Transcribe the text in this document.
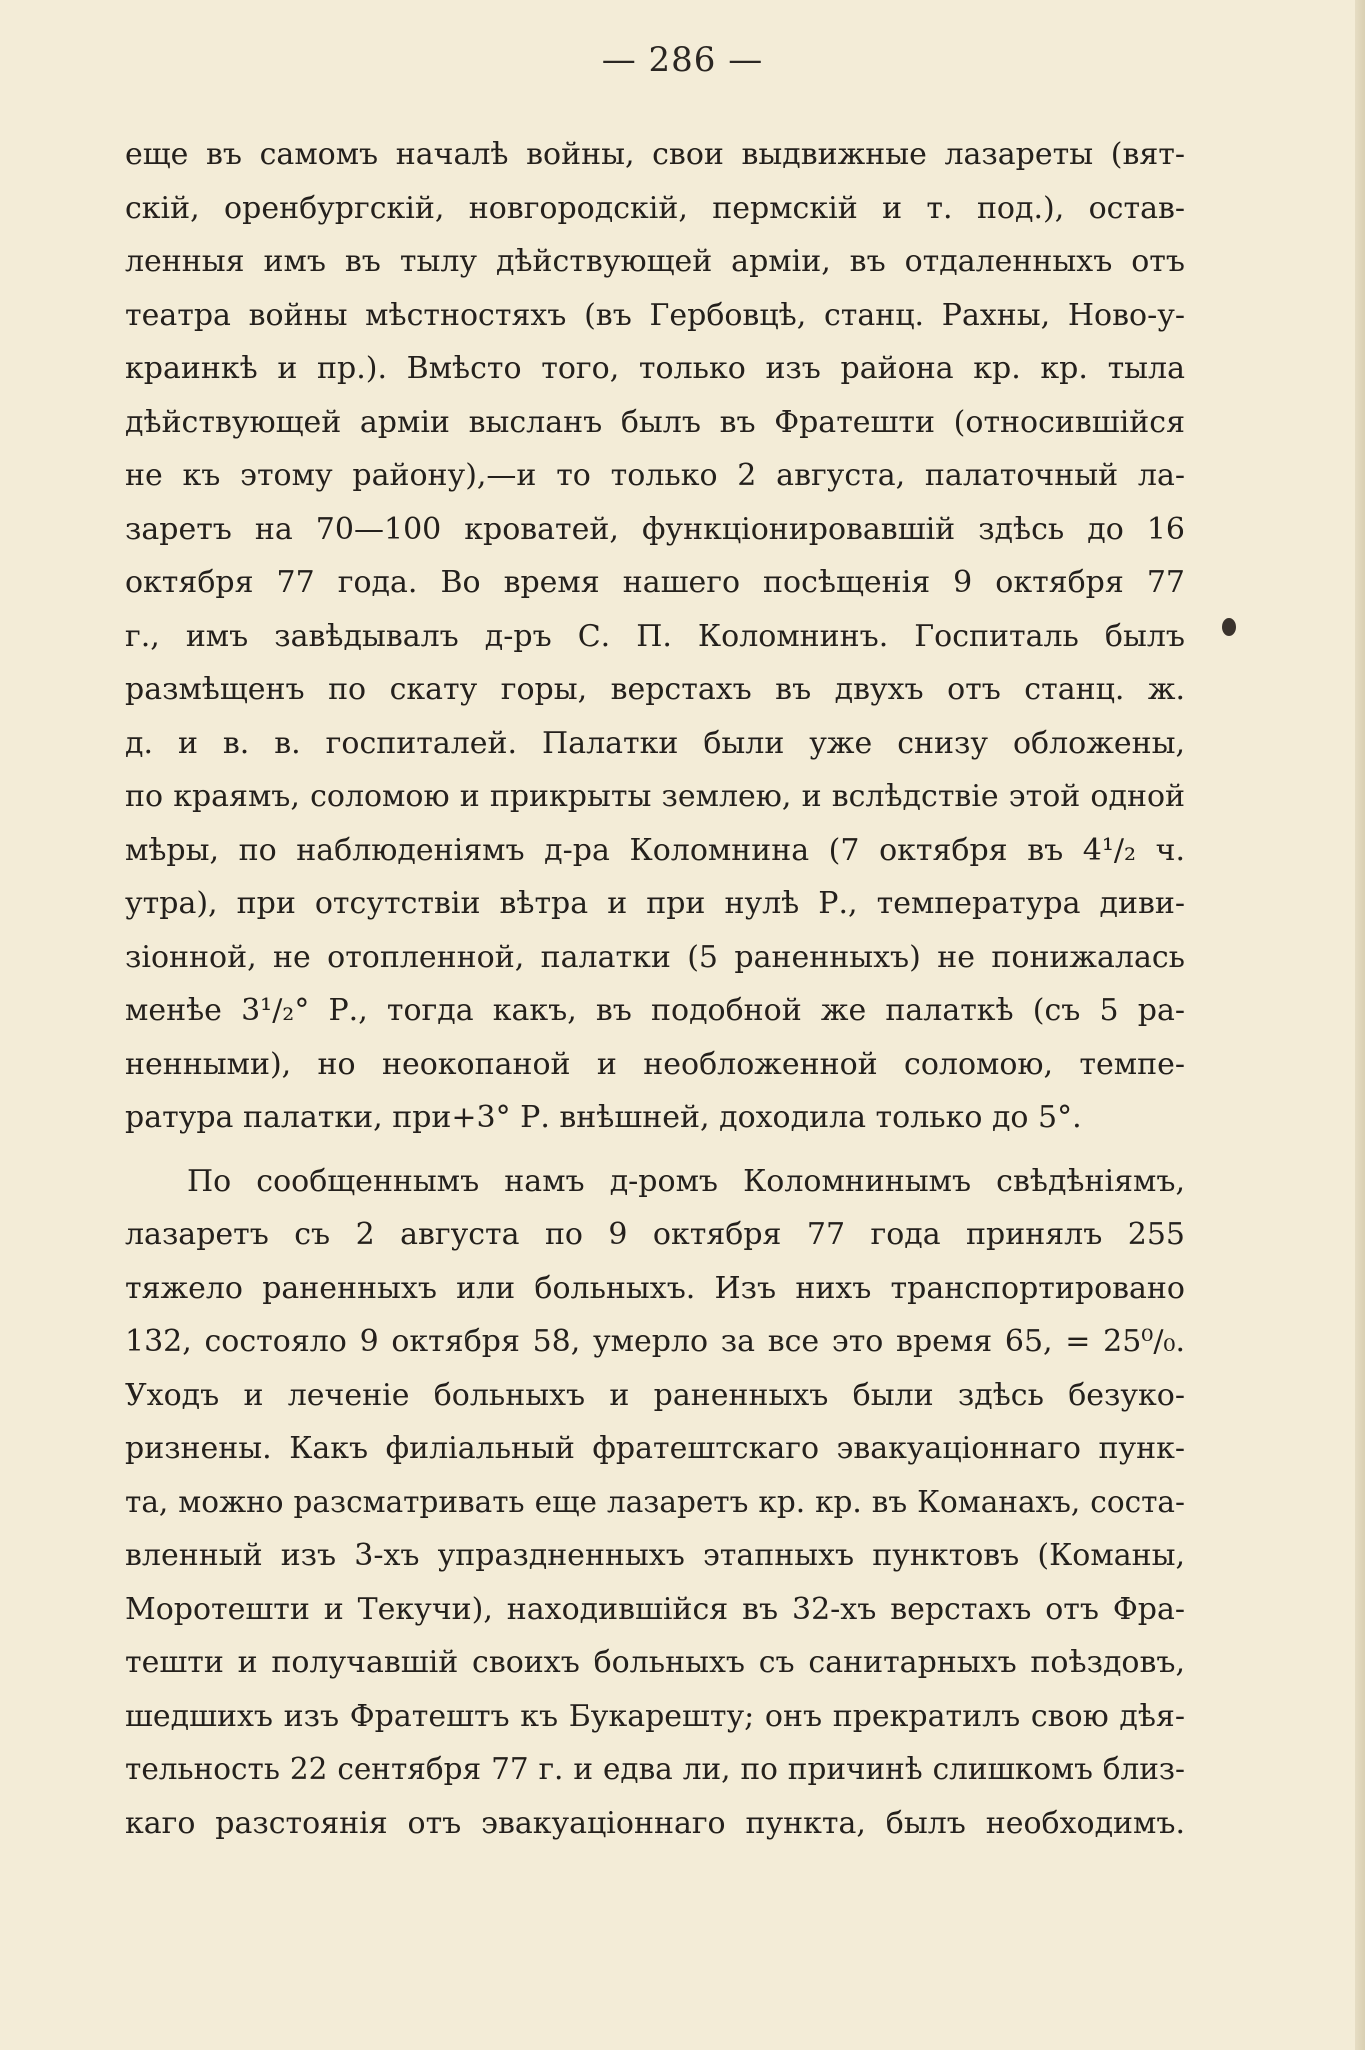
— 286 —
еще въ самомъ началѣ войны, свои выдвижные лазареты (вят-
скій, оренбургскій, новгородскій, пермскій и т. под.), остав-
ленныя имъ въ тылу дѣйствующей арміи, въ отдаленныхъ отъ
театра войны мѣстностяхъ (въ Гербовцѣ, станц. Рахны, Ново-у-
краинкѣ и пр.). Вмѣсто того, только изъ района кр. кр. тыла
дѣйствующей арміи высланъ былъ въ Фратешти (относившійся
не къ этому району),—и то только 2 августа, палаточный ла-
заретъ на 70—100 кроватей, функціонировавшій здѣсь до 16
октября 77 года. Во время нашего посѣщенія 9 октября 77
г., имъ завѣдывалъ д-ръ С. П. Коломнинъ. Госпиталь былъ
размѣщенъ по скату горы, верстахъ въ двухъ отъ станц. ж.
д. и в. в. госпиталей. Палатки были уже снизу обложены,
по краямъ, соломою и прикрыты землею, и вслѣдствіе этой одной
мѣры, по наблюденіямъ д-ра Коломнина (7 октября въ 4¹/₂ ч.
утра), при отсутствіи вѣтра и при нулѣ Р., температура диви-
зіонной, не отопленной, палатки (5 раненныхъ) не понижалась
менѣе 3¹/₂° Р., тогда какъ, въ подобной же палаткѣ (съ 5 ра-
ненными), но неокопаной и необложенной соломою, темпе-
ратура палатки, при+3° Р. внѣшней, доходила только до 5°.
По сообщеннымъ намъ д-ромъ Коломнинымъ свѣдѣніямъ,
лазаретъ съ 2 августа по 9 октября 77 года принялъ 255
тяжело раненныхъ или больныхъ. Изъ нихъ транспортировано
132, состояло 9 октября 58, умерло за все это время 65, = 25⁰/₀.
Уходъ и леченіе больныхъ и раненныхъ были здѣсь безуко-
ризнены. Какъ филіальный фратештскаго эвакуаціоннаго пунк-
та, можно разсматривать еще лазаретъ кр. кр. въ Команахъ, соста-
вленный изъ 3-хъ упраздненныхъ этапныхъ пунктовъ (Команы,
Моротешти и Текучи), находившійся въ 32-хъ верстахъ отъ Фра-
тешти и получавшій своихъ больныхъ съ санитарныхъ поѣздовъ,
шедшихъ изъ Фратештъ къ Букарешту; онъ прекратилъ свою дѣя-
тельность 22 сентября 77 г. и едва ли, по причинѣ слишкомъ близ-
каго разстоянія отъ эвакуаціоннаго пункта, былъ необходимъ.
